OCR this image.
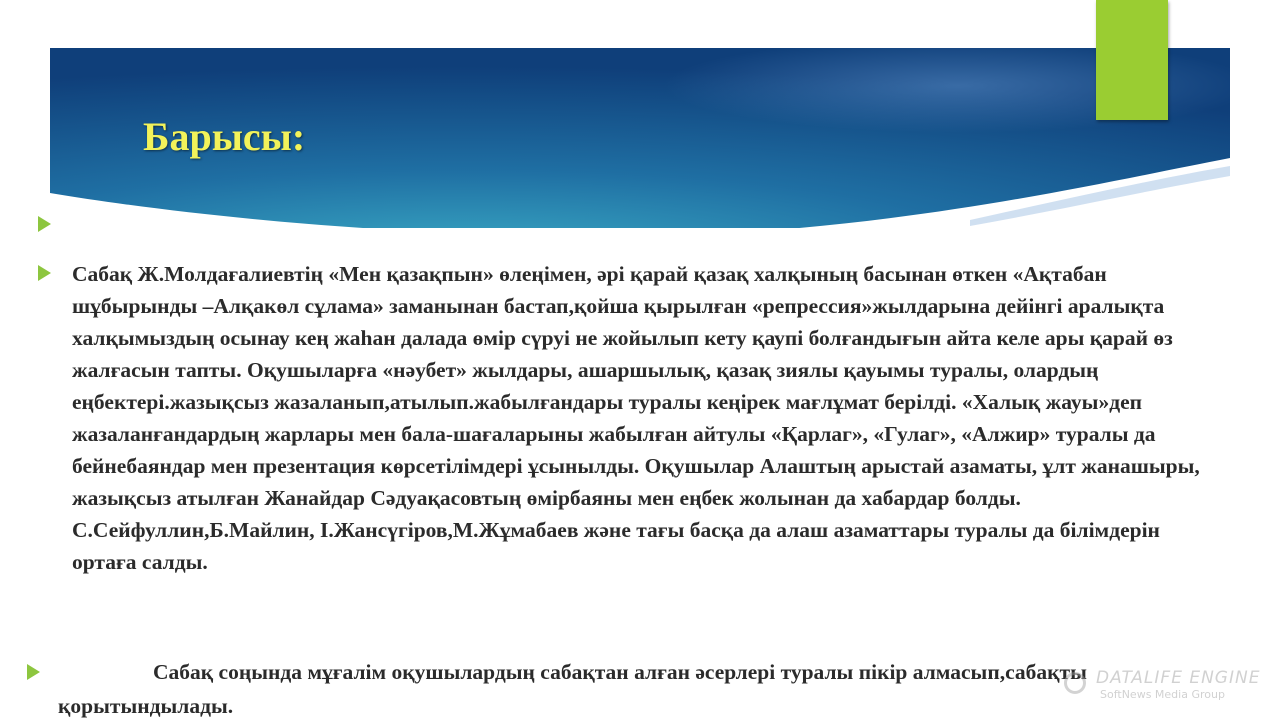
Барысы:

Сабақ Ж.Молдағалиевтің «Мен қазақпын» өлеңімен, әрі қарай қазақ халқының басынан өткен «Ақтабан шұбырынды –Алқакөл сұлама» заманынан бастап,қойша қырылған «репрессия»жылдарына дейінгі аралықта халқымыздың осынау кең жаһан далада өмір сүруі не жойылып кету қаупі болғандығын айта келе ары қарай өз жалғасын тапты. Оқушыларға «нәубет» жылдары, ашаршылық, қазақ зиялы қауымы туралы, олардың еңбектері.жазықсыз жазаланып,атылып.жабылғандары туралы кеңірек мағлұмат берілді. «Халық жауы»деп жазаланғандардың жарлары мен бала-шағаларыны жабылған айтулы «Қарлаг», «Гулаг», «Алжир» туралы да бейнебаяндар мен презентация көрсетілімдері ұсынылды. Оқушылар Алаштың арыстай азаматы, ұлт жанашыры, жазықсыз атылған Жанайдар Сәдуақасовтың өмірбаяны мен еңбек жолынан да хабардар болды. С.Сейфуллин,Б.Майлин, І.Жансүгіров,М.Жұмабаев және тағы басқа да алаш азаматтары туралы да білімдерін ортаға салды.

Сабақ соңында мұғалім оқушылардың сабақтан алған әсерлері туралы пікір алмасып,сабақты қорытындылады.

DATALIFE ENGINE
SoftNews Media Group
